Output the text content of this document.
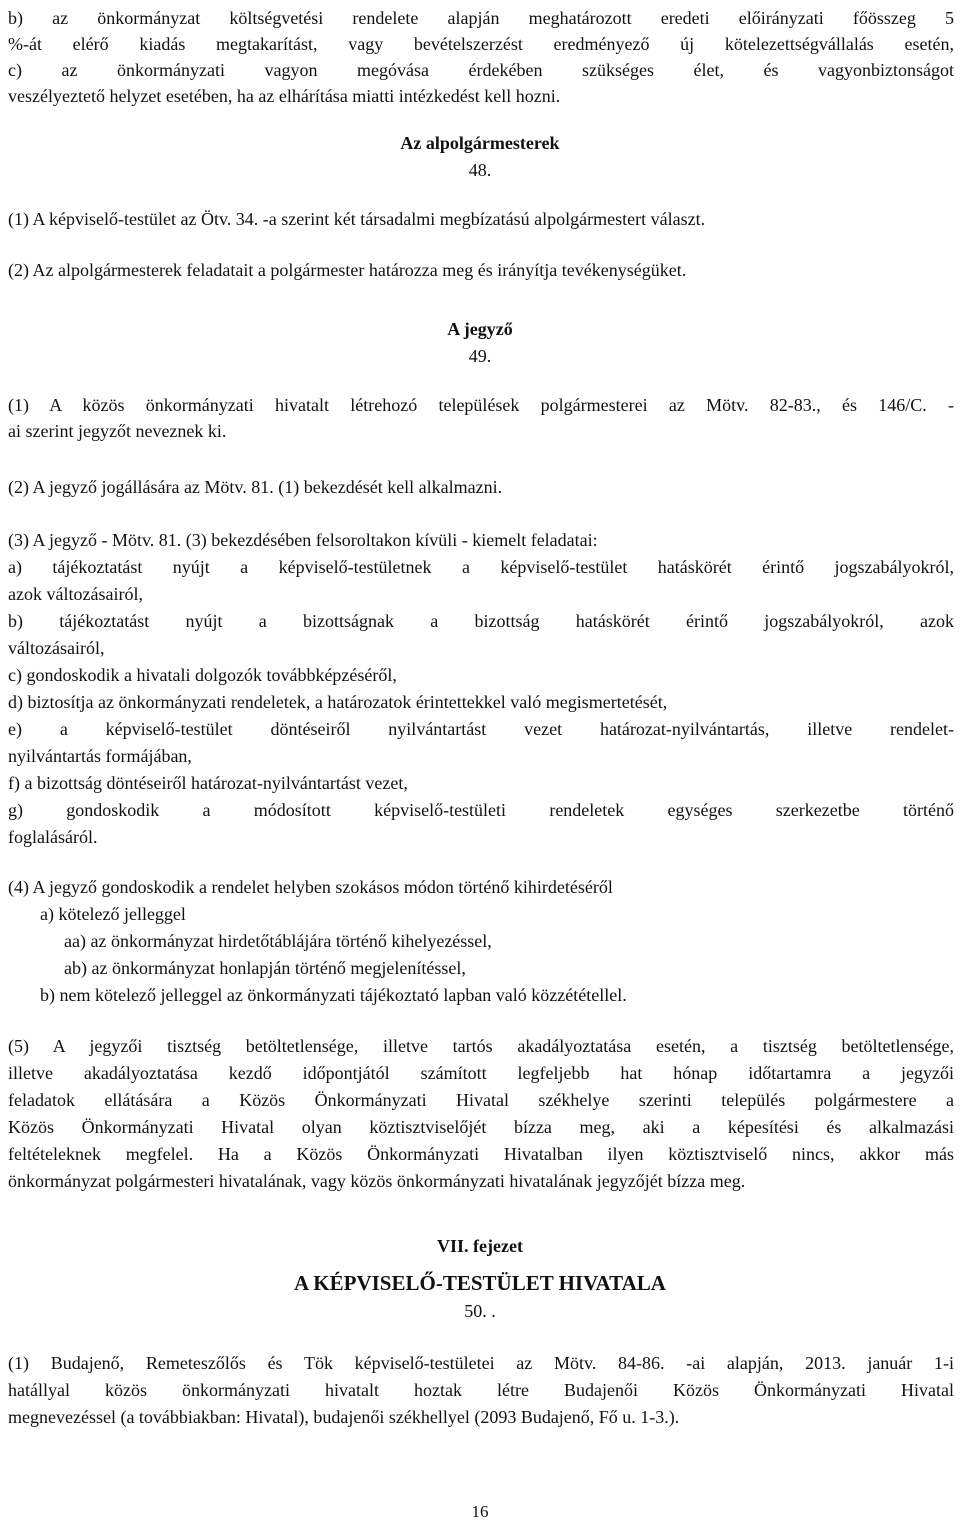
b) az önkormányzat költségvetési rendelete alapján meghatározott eredeti előirányzati főösszeg 5
%-át elérő kiadás megtakarítást, vagy bevételszerzést eredményező új kötelezettségvállalás esetén,
c) az önkormányzati vagyon megóvása érdekében szükséges élet, és vagyonbiztonságot
veszélyeztető helyzet esetében, ha az elhárítása miatti intézkedést kell hozni.
Az alpolgármesterek
48.
(1) A képviselő-testület az Ötv. 34. -a szerint két társadalmi megbízatású alpolgármestert választ.
(2) Az alpolgármesterek feladatait a polgármester határozza meg és irányítja tevékenységüket.
A jegyző
49.
(1) A közös önkormányzati hivatalt létrehozó települések polgármesterei az Mötv. 82-83., és 146/C. -
ai szerint jegyzőt neveznek ki.
(2) A jegyző jogállására az Mötv. 81. (1) bekezdését kell alkalmazni.
(3) A jegyző - Mötv. 81. (3) bekezdésében felsoroltakon kívüli - kiemelt feladatai:
a) tájékoztatást nyújt a képviselő-testületnek a képviselő-testület hatáskörét érintő jogszabályokról,
azok változásairól,
b) tájékoztatást nyújt a bizottságnak a bizottság hatáskörét érintő jogszabályokról, azok
változásairól,
c) gondoskodik a hivatali dolgozók továbbképzéséről,
d) biztosítja az önkormányzati rendeletek, a határozatok érintettekkel való megismertetését,
e) a képviselő-testület döntéseiről nyilvántartást vezet határozat-nyilvántartás, illetve rendelet-
nyilvántartás formájában,
f) a bizottság döntéseiről határozat-nyilvántartást vezet,
g) gondoskodik a módosított képviselő-testületi rendeletek egységes szerkezetbe történő
foglalásáról.
(4) A jegyző gondoskodik a rendelet helyben szokásos módon történő kihirdetéséről
a) kötelező jelleggel
aa) az önkormányzat hirdetőtáblájára történő kihelyezéssel,
ab) az önkormányzat honlapján történő megjelenítéssel,
b) nem kötelező jelleggel az önkormányzati tájékoztató lapban való közzététellel.
(5) A jegyzői tisztség betöltetlensége, illetve tartós akadályoztatása esetén, a tisztség betöltetlensége,
illetve akadályoztatása kezdő időpontjától számított legfeljebb hat hónap időtartamra a jegyzői
feladatok ellátására a Közös Önkormányzati Hivatal székhelye szerinti település polgármestere a
Közös Önkormányzati Hivatal olyan köztisztviselőjét bízza meg, aki a képesítési és alkalmazási
feltételeknek megfelel. Ha a Közös Önkormányzati Hivatalban ilyen köztisztviselő nincs, akkor más
önkormányzat polgármesteri hivatalának, vagy közös önkormányzati hivatalának jegyzőjét bízza meg.
VII. fejezet
A KÉPVISELŐ-TESTÜLET HIVATALA
50. .
(1) Budajenő, Remeteszőlős és Tök képviselő-testületei az Mötv. 84-86. -ai alapján, 2013. január 1-i
hatállyal közös önkormányzati hivatalt hoztak létre Budajenői Közös Önkormányzati Hivatal
megnevezéssel (a továbbiakban: Hivatal), budajenői székhellyel (2093 Budajenő, Fő u. 1-3.).
16
